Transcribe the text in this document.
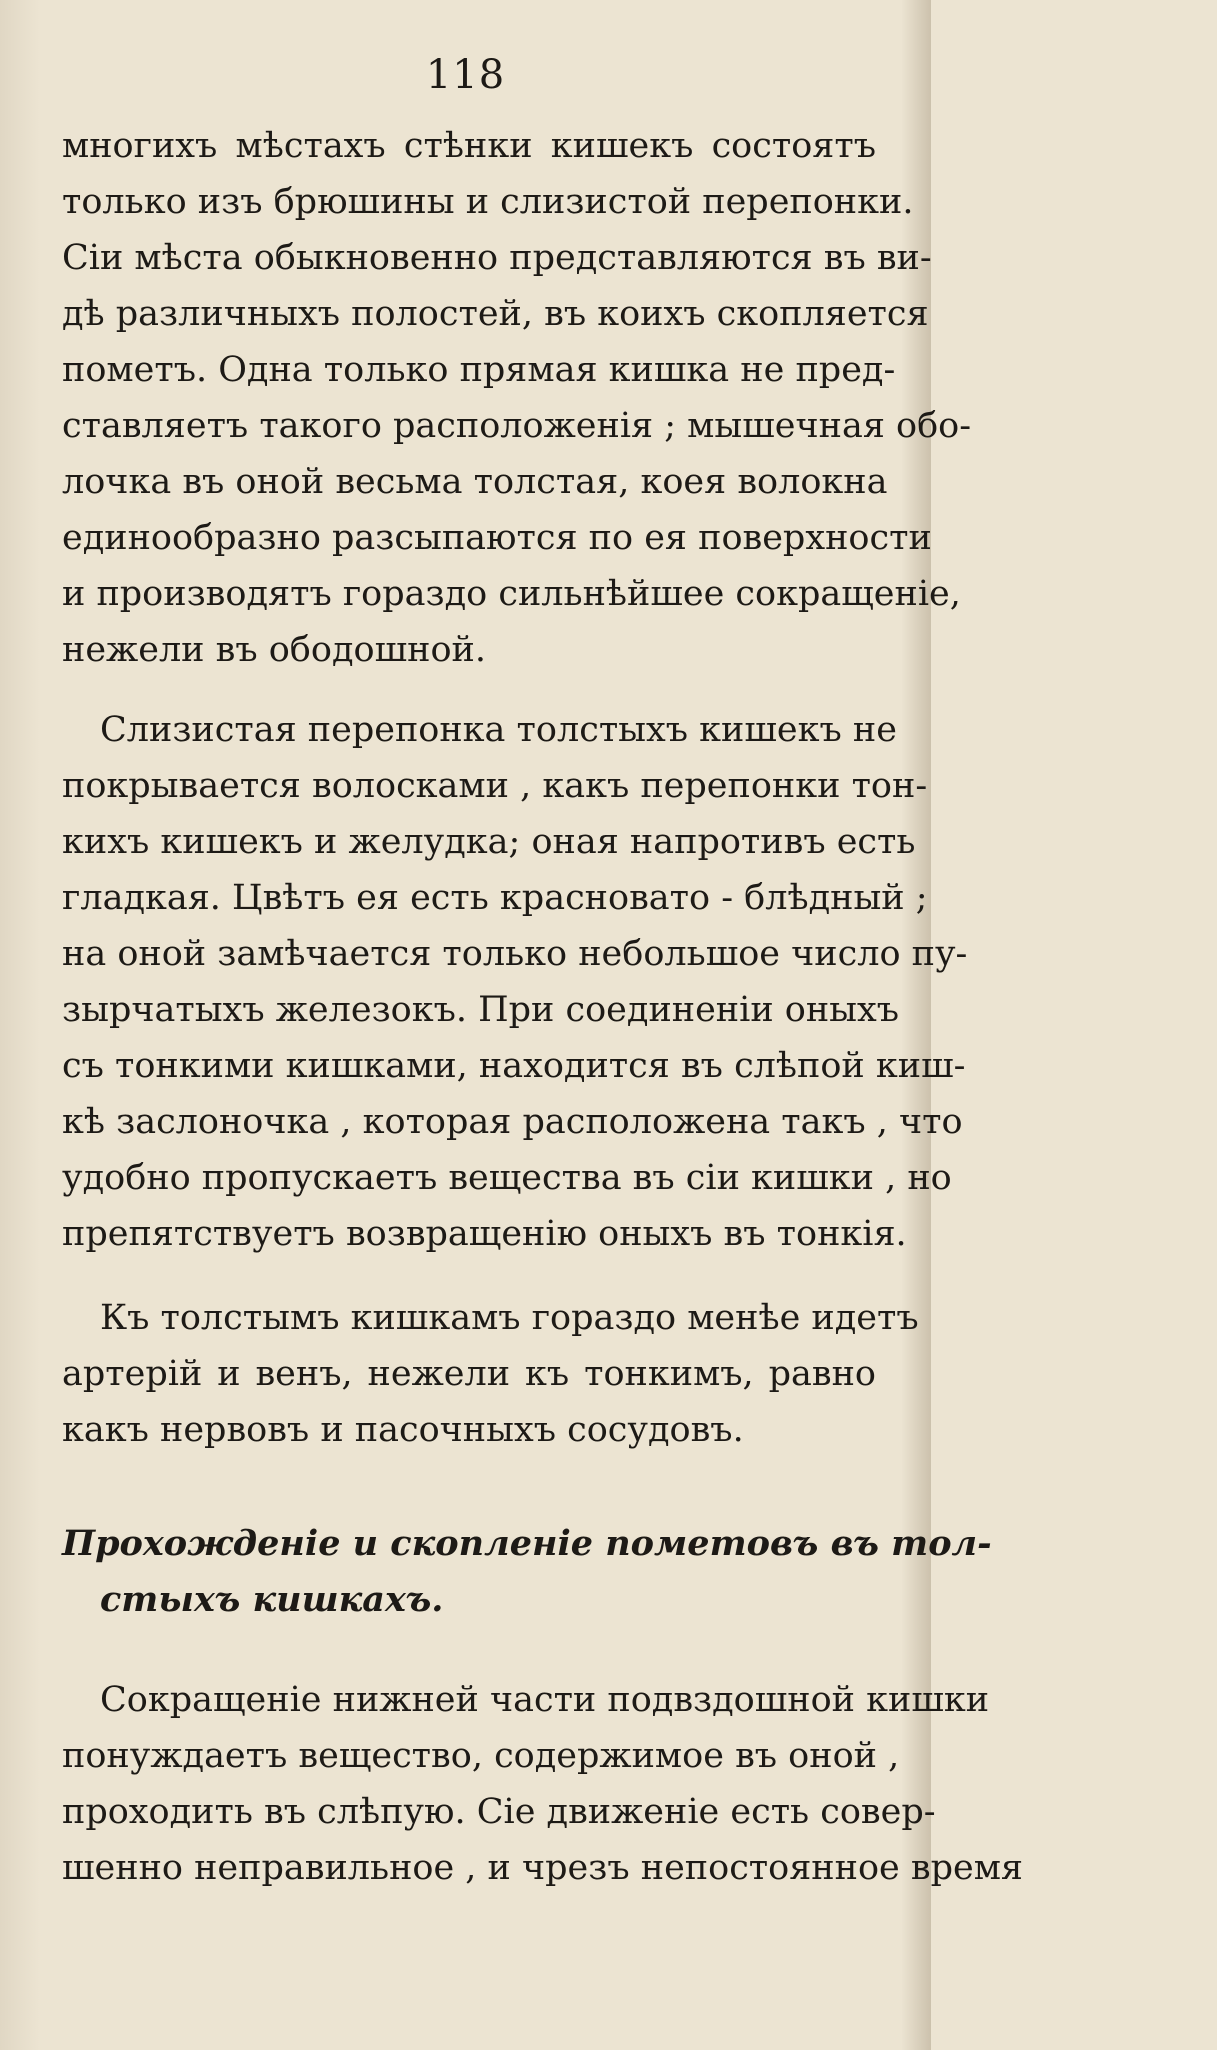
118
многихъ мѣстахъ стѣнки кишекъ состоятъ
только изъ брюшины и слизистой перепонки.
Сіи мѣста обыкновенно представляются въ ви-
дѣ различныхъ полостей, въ коихъ скопляется
пометъ. Одна только прямая кишка не пред-
ставляетъ такого расположенія ; мышечная обо-
лочка въ оной весьма толстая, коея волокна
единообразно разсыпаются по ея поверхности
и производятъ гораздо сильнѣйшее сокращеніе,
нежели въ ободошной.
Слизистая перепонка толстыхъ кишекъ не
покрывается волосками , какъ перепонки тон-
кихъ кишекъ и желудка; оная напротивъ есть
гладкая. Цвѣтъ ея есть красновато - блѣдный ;
на оной замѣчается только небольшое число пу-
зырчатыхъ железокъ. При соединеніи оныхъ
съ тонкими кишками, находится въ слѣпой киш-
кѣ заслоночка , которая расположена такъ , что
удобно пропускаетъ вещества въ сіи кишки , но
препятствуетъ возвращенію оныхъ въ тонкія.
Къ толстымъ кишкамъ гораздо менѣе идетъ
артерій и венъ, нежели къ тонкимъ, равно
какъ нервовъ и пасочныхъ сосудовъ.
Прохожденіе и скопленіе пометовъ въ тол-
стыхъ кишкахъ.
Сокращеніе нижней части подвздошной кишки
понуждаетъ вещество, содержимое въ оной ,
проходить въ слѣпую. Сіе движеніе есть совер-
шенно неправильное , и чрезъ непостоянное время
